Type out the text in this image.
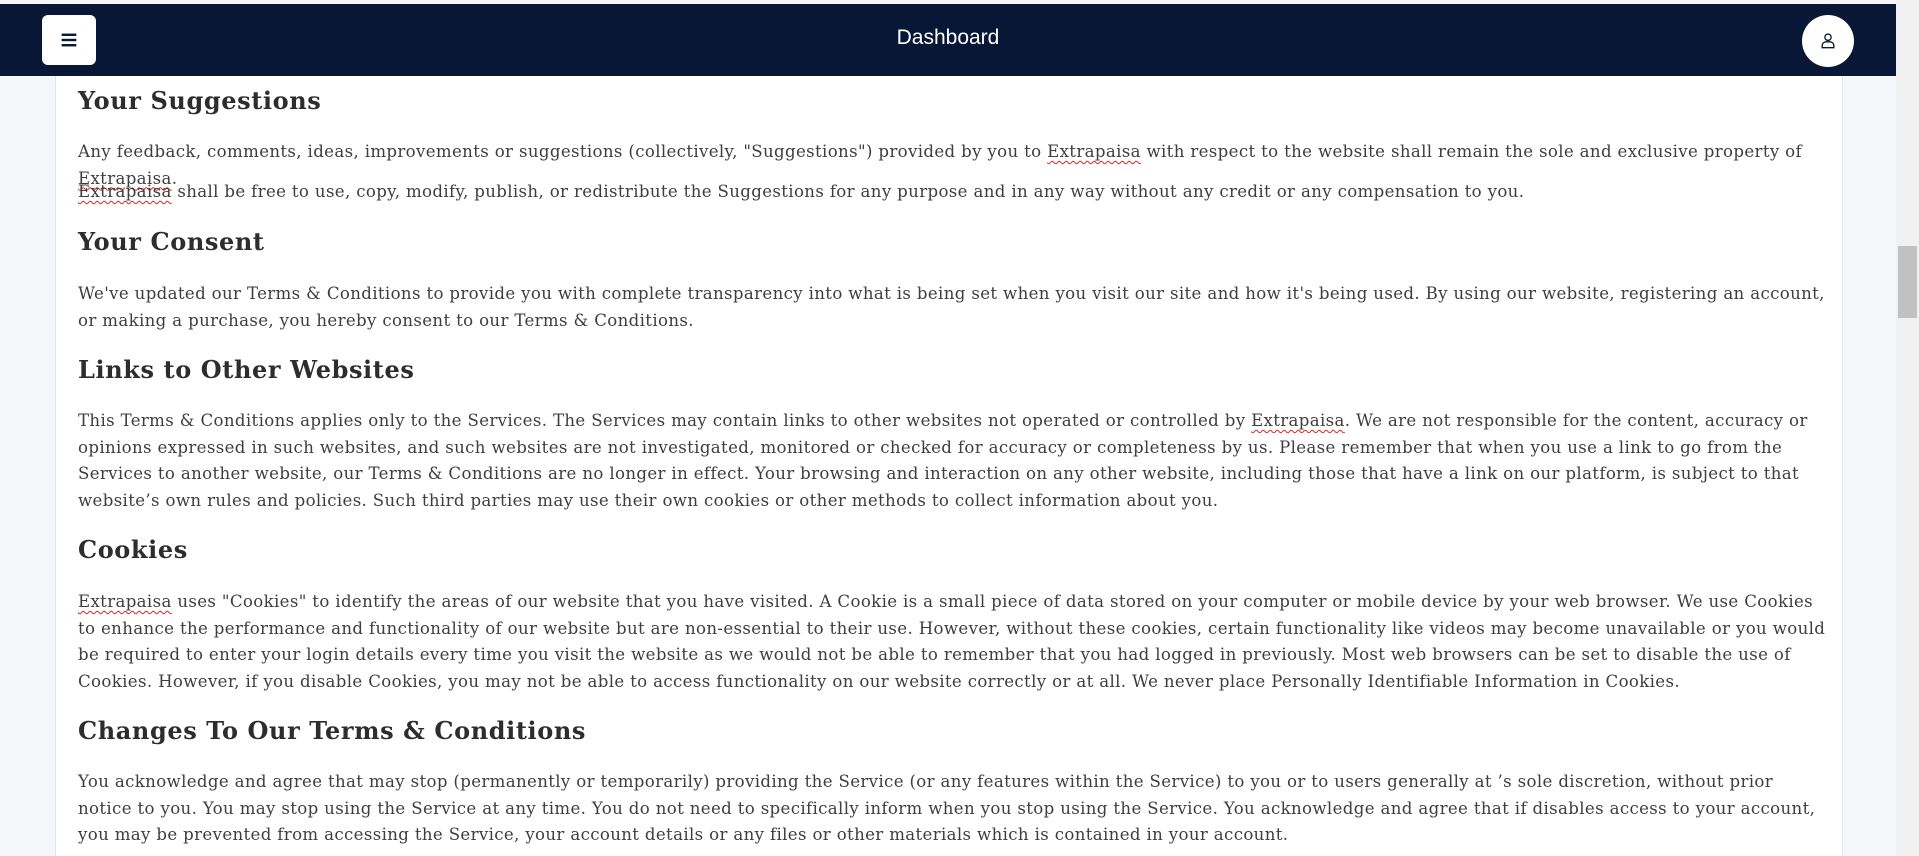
Dashboard
Your Suggestions

Any feedback, comments, ideas, improvements or suggestions (collectively, "Suggestions") provided by you to Extrapaisa with respect to the website shall remain the sole and exclusive property of Extrapaisa.

Extrapaisa shall be free to use, copy, modify, publish, or redistribute the Suggestions for any purpose and in any way without any credit or any compensation to you.

Your Consent

We've updated our Terms & Conditions to provide you with complete transparency into what is being set when you visit our site and how it's being used. By using our website, registering an account, or making a purchase, you hereby consent to our Terms & Conditions.

Links to Other Websites

This Terms & Conditions applies only to the Services. The Services may contain links to other websites not operated or controlled by Extrapaisa. We are not responsible for the content, accuracy or opinions expressed in such websites, and such websites are not investigated, monitored or checked for accuracy or completeness by us. Please remember that when you use a link to go from the Services to another website, our Terms & Conditions are no longer in effect. Your browsing and interaction on any other website, including those that have a link on our platform, is subject to that website’s own rules and policies. Such third parties may use their own cookies or other methods to collect information about you.

Cookies

Extrapaisa uses "Cookies" to identify the areas of our website that you have visited. A Cookie is a small piece of data stored on your computer or mobile device by your web browser. We use Cookies to enhance the performance and functionality of our website but are non-essential to their use. However, without these cookies, certain functionality like videos may become unavailable or you would be required to enter your login details every time you visit the website as we would not be able to remember that you had logged in previously. Most web browsers can be set to disable the use of Cookies. However, if you disable Cookies, you may not be able to access functionality on our website correctly or at all. We never place Personally Identifiable Information in Cookies.

Changes To Our Terms & Conditions

You acknowledge and agree that may stop (permanently or temporarily) providing the Service (or any features within the Service) to you or to users generally at ’s sole discretion, without prior notice to you. You may stop using the Service at any time. You do not need to specifically inform when you stop using the Service. You acknowledge and agree that if disables access to your account, you may be prevented from accessing the Service, your account details or any files or other materials which is contained in your account.
